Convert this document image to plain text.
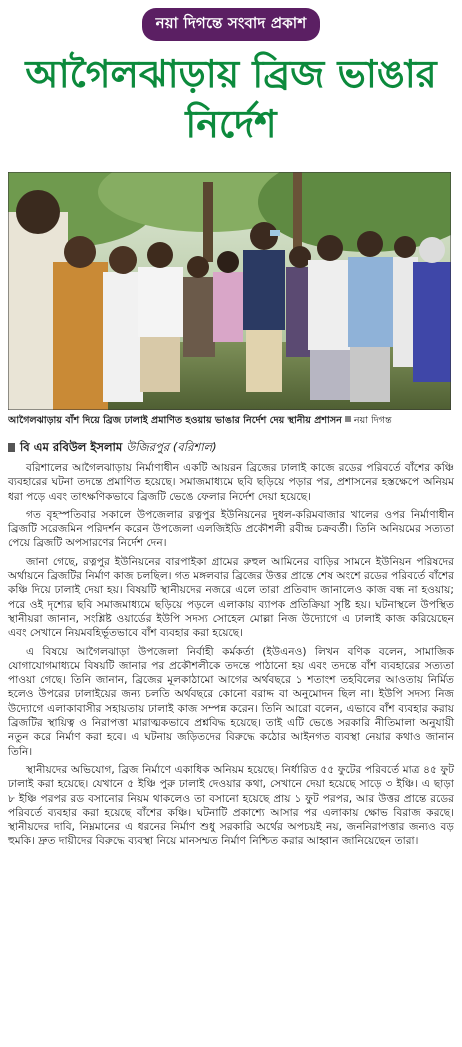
নয়া দিগন্তে সংবাদ প্রকাশ
আগৈলঝাড়ায় ব্রিজ ভাঙার নির্দেশ
আগৈলঝাড়ায় বাঁশ দিয়ে ব্রিজ ঢালাই প্রমাণিত হওয়ায় ভাঙার নির্দেশ দেয় স্থানীয় প্রশাসন নয়া দিগন্ত
বি এম রবিউল ইসলাম উজিরপুর (বরিশাল)

বরিশালের আগৈলঝাড়ায় নির্মাণাধীন একটি আয়রন ব্রিজের ঢালাই কাজে রডের পরিবর্তে বাঁশের কঞ্চি ব্যবহারের ঘটনা তদন্তে প্রমাণিত হয়েছে। সমাজমাধ্যমে ছবি ছড়িয়ে পড়ার পর, প্রশাসনের হস্তক্ষেপে অনিয়ম ধরা পড়ে এবং তাৎক্ষণিকভাবে ব্রিজটি ভেঙে ফেলার নির্দেশ দেয়া হয়েছে।

গত বৃহস্পতিবার সকালে উপজেলার রত্নপুর ইউনিয়নের দুধল-করিমবাজার খালের ওপর নির্মাণাধীন ব্রিজটি সরেজমিন পরিদর্শন করেন উপজেলা এলজিইডি প্রকৌশলী রবীন্দ্র চক্রবর্তী। তিনি অনিয়মের সত্যতা পেয়ে ব্রিজটি অপসারণের নির্দেশ দেন।

জানা গেছে, রত্নপুর ইউনিয়নের বারপাইকা গ্রামের রুহুল আমিনের বাড়ির সামনে ইউনিয়ন পরিষদের অর্থায়নে ব্রিজটির নির্মাণ কাজ চলছিল। গত মঙ্গলবার ব্রিজের উত্তর প্রান্তে শেষ অংশে রডের পরিবর্তে বাঁশের কঞ্চি দিয়ে ঢালাই দেয়া হয়। বিষয়টি স্থানীয়দের নজরে এলে তারা প্রতিবাদ জানালেও কাজ বন্ধ না হওয়ায়; পরে ওই দৃশ্যের ছবি সমাজমাধ্যমে ছড়িয়ে পড়লে এলাকায় ব্যাপক প্রতিক্রিয়া সৃষ্টি হয়। ঘটনাস্থলে উপস্থিত স্থানীয়রা জানান, সংশ্লিষ্ট ওয়ার্ডের ইউপি সদস্য সোহেল মোল্লা নিজ উদ্যোগে এ ঢালাই কাজ করিয়েছেন এবং সেখানে নিয়মবহির্ভূতভাবে বাঁশ ব্যবহার করা হয়েছে।

এ বিষয়ে আগৈলঝাড়া উপজেলা নির্বাহী কর্মকর্তা (ইউএনও) লিখন বণিক বলেন, সামাজিক যোগাযোগমাধ্যমে বিষয়টি জানার পর প্রকৌশলীকে তদন্তে পাঠানো হয় এবং তদন্তে বাঁশ ব্যবহারের সত্যতা পাওয়া গেছে। তিনি জানান, ব্রিজের মূলকাঠামো আগের অর্থবছরে ১ শতাংশ তহবিলের আওতায় নির্মিত হলেও উপরের ঢালাইয়ের জন্য চলতি অর্থবছরে কোনো বরাদ্দ বা অনুমোদন ছিল না। ইউপি সদস্য নিজ উদ্যোগে এলাকাবাসীর সহায়তায় ঢালাই কাজ সম্পন্ন করেন। তিনি আরো বলেন, এভাবে বাঁশ ব্যবহার করায় ব্রিজটির স্থায়িত্ব ও নিরাপত্তা মারাত্মকভাবে প্রশ্নবিদ্ধ হয়েছে। তাই এটি ভেঙে সরকারি নীতিমালা অনুযায়ী নতুন করে নির্মাণ করা হবে। এ ঘটনায় জড়িতদের বিরুদ্ধে কঠোর আইনগত ব্যবস্থা নেয়ার কথাও জানান তিনি।

স্থানীয়দের অভিযোগ, ব্রিজ নির্মাণে একাধিক অনিয়ম হয়েছে। নির্ধারিত ৫৫ ফুটের পরিবর্তে মাত্র ৪৫ ফুট ঢালাই করা হয়েছে। যেখানে ৫ ইঞ্চি পুরু ঢালাই দেওয়ার কথা, সেখানে দেয়া হয়েছে সাড়ে ৩ ইঞ্চি। এ ছাড়া ৮ ইঞ্চি পরপর রড বসানোর নিয়ম থাকলেও তা বসানো হয়েছে প্রায় ১ ফুট পরপর, আর উত্তর প্রান্তে রডের পরিবর্তে ব্যবহার করা হয়েছে বাঁশের কঞ্চি। ঘটনাটি প্রকাশ্যে আসার পর এলাকায় ক্ষোভ বিরাজ করছে। স্থানীয়দের দাবি, নিম্নমানের এ ধরনের নির্মাণ শুধু সরকারি অর্থের অপচয়ই নয়, জননিরাপত্তার জন্যও বড় হুমকি। দ্রুত দায়ীদের বিরুদ্ধে ব্যবস্থা নিয়ে মানসম্মত নির্মাণ নিশ্চিত করার আহ্বান জানিয়েছেন তারা।
